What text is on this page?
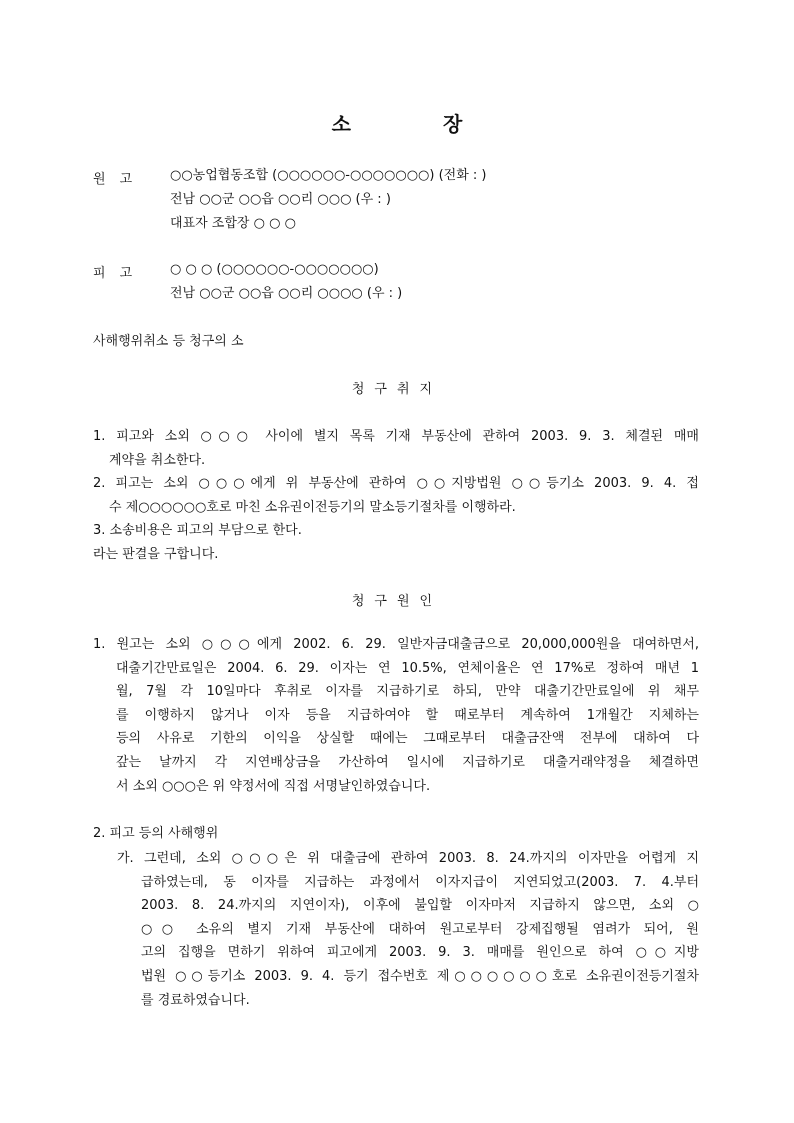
소	장
원 고	○○농업협동조합 (○○○○○○-○○○○○○○) (전화 : )
전남 ○○군 ○○읍 ○○리 ○○○ (우 : )
대표자 조합장 ○ ○ ○
피 고	○ ○ ○ (○○○○○○-○○○○○○○)
전남 ○○군 ○○읍 ○○리 ○○○○ (우 : )
사해행위취소 등 청구의 소
청구취지
1. 피고와 소외 ○○○ 사이에 별지 목록 기재 부동산에 관하여 2003. 9. 3. 체결된 매매
계약을 취소한다.
2. 피고는 소외 ○○○에게 위 부동산에 관하여 ○○지방법원 ○○등기소 2003. 9. 4. 접
수 제○○○○○○호로 마친 소유권이전등기의 말소등기절차를 이행하라.
3. 소송비용은 피고의 부담으로 한다.
라는 판결을 구합니다.
청구원인
1. 원고는 소외 ○○○에게 2002. 6. 29. 일반자금대출금으로 20,000,000원을 대여하면서,
대출기간만료일은 2004. 6. 29. 이자는 연 10.5%, 연체이율은 연 17%로 정하여 매년 1
월, 7월 각 10일마다 후취로 이자를 지급하기로 하되, 만약 대출기간만료일에 위 채무
를 이행하지 않거나 이자 등을 지급하여야 할 때로부터 계속하여 1개월간 지체하는
등의 사유로 기한의 이익을 상실할 때에는 그때로부터 대출금잔액 전부에 대하여 다
갚는 날까지 각 지연배상금을 가산하여 일시에 지급하기로 대출거래약정을 체결하면
서 소외 ○○○은 위 약정서에 직접 서명날인하였습니다.
2. 피고 등의 사해행위
가. 그런데, 소외 ○○○은 위 대출금에 관하여 2003. 8. 24.까지의 이자만을 어렵게 지
급하였는데, 동 이자를 지급하는 과정에서 이자지급이 지연되었고(2003. 7. 4.부터
2003. 8. 24.까지의 지연이자), 이후에 불입할 이자마저 지급하지 않으면, 소외 ○
○○ 소유의 별지 기재 부동산에 대하여 원고로부터 강제집행될 염려가 되어, 원
고의 집행을 면하기 위하여 피고에게 2003. 9. 3. 매매를 원인으로 하여 ○○지방
법원 ○○등기소 2003. 9. 4. 등기 접수번호 제○○○○○○호로 소유권이전등기절차
를 경료하였습니다.
